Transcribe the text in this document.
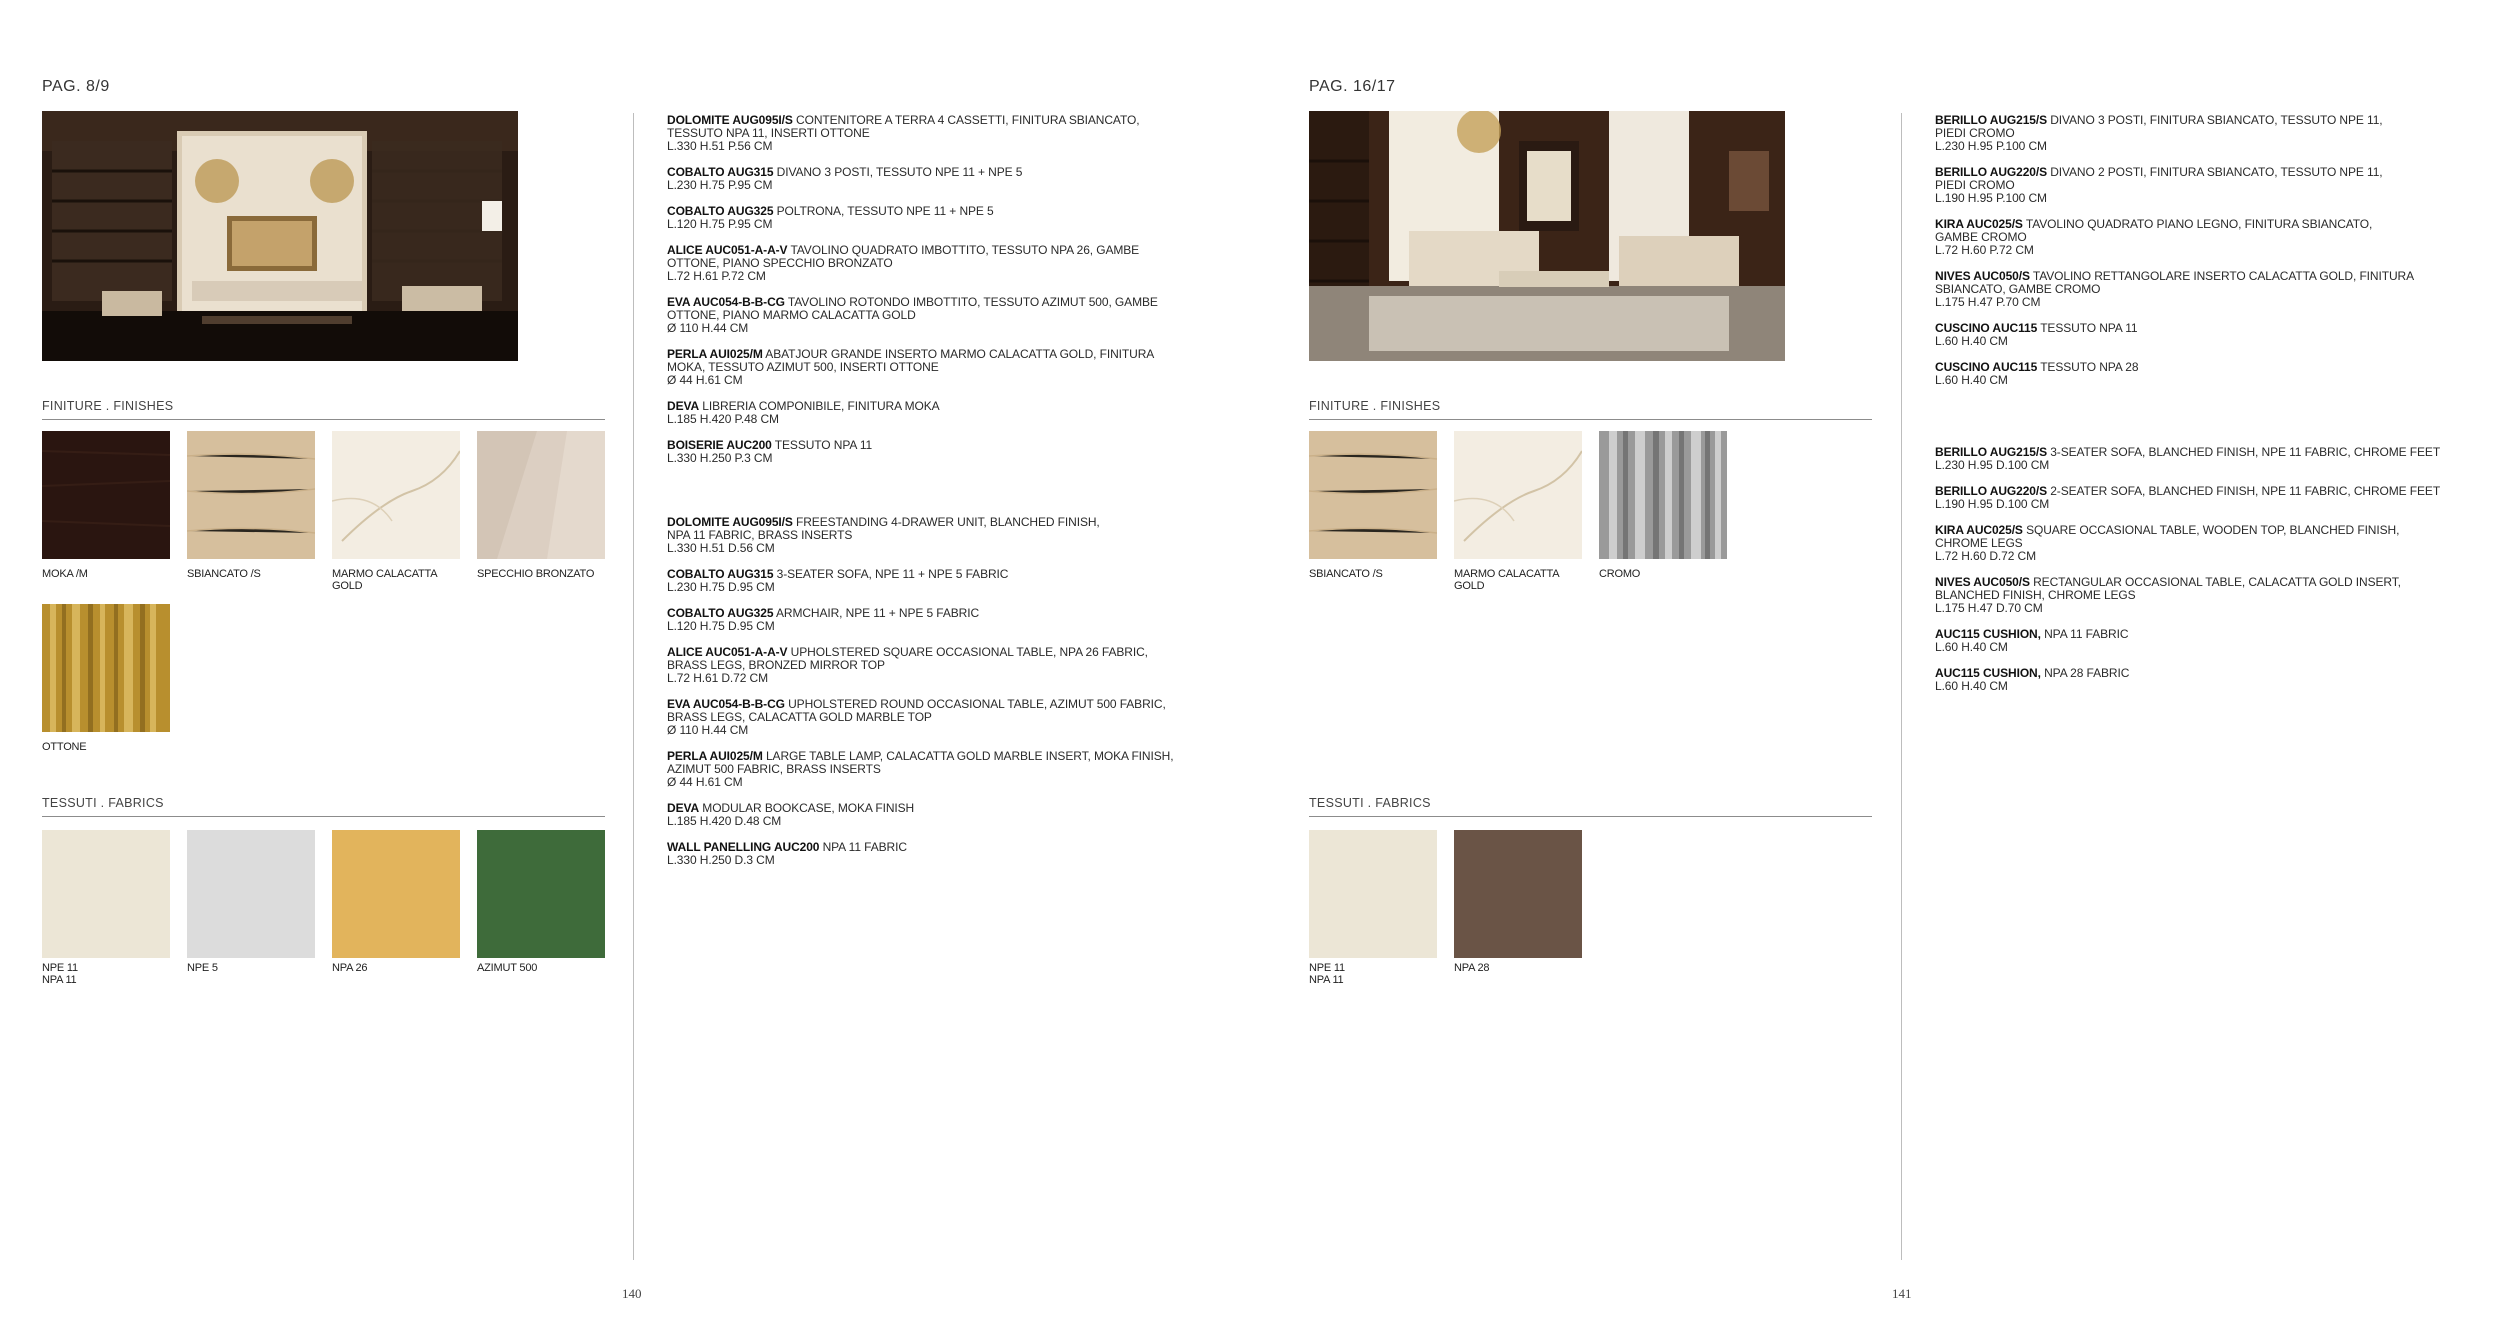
PAG. 8/9
FINITURE . FINISHES
MOKA /M	SBIANCATO /S	MARMO CALACATTA GOLD
SPECCHIO BRONZATO
OTTONE
TESSUTI . FABRICS
NPE 11
NPA 11
NPE 5	NPA 26	AZIMUT 500
140
DOLOMITE AUG095I/S CONTENITORE A TERRA 4 CASSETTI, FINITURA SBIANCATO,
TESSUTO NPA 11, INSERTI OTTONE
L.330 H.51 P.56 CM
COBALTO AUG315 DIVANO 3 POSTI, TESSUTO NPE 11 + NPE 5
L.230 H.75 P.95 CM
COBALTO AUG325 POLTRONA, TESSUTO NPE 11 + NPE 5
L.120 H.75 P.95 CM
ALICE AUC051-A-A-V TAVOLINO QUADRATO IMBOTTITO, TESSUTO NPA 26, GAMBE
OTTONE, PIANO SPECCHIO BRONZATO
L.72 H.61 P.72 CM
EVA AUC054-B-B-CG TAVOLINO ROTONDO IMBOTTITO, TESSUTO AZIMUT 500, GAMBE
OTTONE, PIANO MARMO CALACATTA GOLD
Ø 110 H.44 CM
PERLA AUI025/M ABATJOUR GRANDE INSERTO MARMO CALACATTA GOLD, FINITURA
MOKA, TESSUTO AZIMUT 500, INSERTI OTTONE
Ø 44 H.61 CM
DEVA LIBRERIA COMPONIBILE, FINITURA MOKA
L.185 H.420 P.48 CM
BOISERIE AUC200 TESSUTO NPA 11
L.330 H.250 P.3 CM
DOLOMITE AUG095I/S FREESTANDING 4-DRAWER UNIT, BLANCHED FINISH,
NPA 11 FABRIC, BRASS INSERTS
L.330 H.51 D.56 CM
COBALTO AUG315 3-SEATER SOFA, NPE 11 + NPE 5 FABRIC
L.230 H.75 D.95 CM
COBALTO AUG325 ARMCHAIR, NPE 11 + NPE 5 FABRIC
L.120 H.75 D.95 CM
ALICE AUC051-A-A-V UPHOLSTERED SQUARE OCCASIONAL TABLE, NPA 26 FABRIC,
BRASS LEGS, BRONZED MIRROR TOP
L.72 H.61 D.72 CM
EVA AUC054-B-B-CG UPHOLSTERED ROUND OCCASIONAL TABLE, AZIMUT 500 FABRIC,
BRASS LEGS, CALACATTA GOLD MARBLE TOP
Ø 110 H.44 CM
PERLA AUI025/M LARGE TABLE LAMP, CALACATTA GOLD MARBLE INSERT, MOKA FINISH,
AZIMUT 500 FABRIC, BRASS INSERTS
Ø 44 H.61 CM
DEVA MODULAR BOOKCASE, MOKA FINISH
L.185 H.420 D.48 CM
WALL PANELLING AUC200 NPA 11 FABRIC
L.330 H.250 D.3 CM
PAG. 16/17
FINITURE . FINISHES
SBIANCATO /S	MARMO CALACATTA GOLD
CROMO
TESSUTI . FABRICS
NPE 11
NPA 11
NPA 28
141
BERILLO AUG215/S DIVANO 3 POSTI, FINITURA SBIANCATO, TESSUTO NPE 11,
PIEDI CROMO
L.230 H.95 P.100 CM
BERILLO AUG220/S DIVANO 2 POSTI, FINITURA SBIANCATO, TESSUTO NPE 11,
PIEDI CROMO
L.190 H.95 P.100 CM
KIRA AUC025/S TAVOLINO QUADRATO PIANO LEGNO, FINITURA SBIANCATO,
GAMBE CROMO
L.72 H.60 P.72 CM
NIVES AUC050/S TAVOLINO RETTANGOLARE INSERTO CALACATTA GOLD, FINITURA
SBIANCATO, GAMBE CROMO
L.175 H.47 P.70 CM
CUSCINO AUC115 TESSUTO NPA 11
L.60 H.40 CM
CUSCINO AUC115 TESSUTO NPA 28
L.60 H.40 CM
BERILLO AUG215/S 3-SEATER SOFA, BLANCHED FINISH, NPE 11 FABRIC, CHROME FEET
L.230 H.95 D.100 CM
BERILLO AUG220/S 2-SEATER SOFA, BLANCHED FINISH, NPE 11 FABRIC, CHROME FEET
L.190 H.95 D.100 CM
KIRA AUC025/S SQUARE OCCASIONAL TABLE, WOODEN TOP, BLANCHED FINISH,
CHROME LEGS
L.72 H.60 D.72 CM
NIVES AUC050/S RECTANGULAR OCCASIONAL TABLE, CALACATTA GOLD INSERT,
BLANCHED FINISH, CHROME LEGS
L.175 H.47 D.70 CM
AUC115 CUSHION, NPA 11 FABRIC
L.60 H.40 CM
AUC115 CUSHION, NPA 28 FABRIC
L.60 H.40 CM
